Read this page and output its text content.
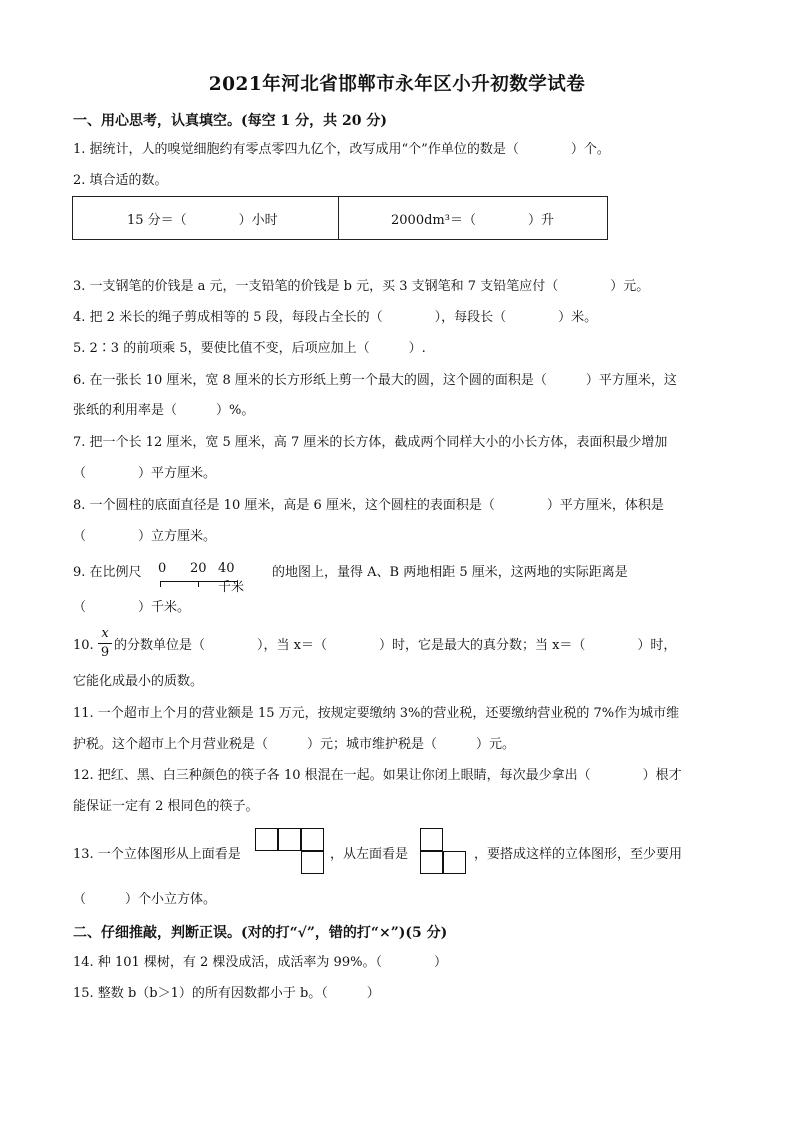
2021年河北省邯郸市永年区小升初数学试卷
一、用心思考，认真填空。(每空 1 分，共 20 分)
1. 据统计，人的嗅觉细胞约有零点零四九亿个，改写成用“个”作单位的数是（　　　　）个。
2. 填合适的数。
15 分＝（　　　　）小时	2000dm³＝（　　　　）升
3. 一支钢笔的价钱是 a 元，一支铅笔的价钱是 b 元，买 3 支钢笔和 7 支铅笔应付（　　　　）元。
4. 把 2 米长的绳子剪成相等的 5 段，每段占全长的（　　　　），每段长（　　　　）米。
5. 2∶3 的前项乘 5，要使比值不变，后项应加上（　　　）.
6. 在一张长 10 厘米，宽 8 厘米的长方形纸上剪一个最大的圆，这个圆的面积是（　　　）平方厘米，这
张纸的利用率是（　　　）%。
7. 把一个长 12 厘米，宽 5 厘米，高 7 厘米的长方体，截成两个同样大小的小长方体，表面积最少增加
（　　　　）平方厘米。
8. 一个圆柱的底面直径是 10 厘米，高是 6 厘米，这个圆柱的表面积是（　　　　）平方厘米，体积是
（　　　　）立方厘米。
9. 在比例尺 0 20 40千米
的地图上，量得 A、B 两地相距 5 厘米，这两地的实际距离是
（　　　　）千米。
10.
x
9 的分数单位是（　　　　），当 x＝（　　　　）时，它是最大的真分数；当 x＝（　　　　）时，
它能化成最小的质数。
11. 一个超市上个月的营业额是 15 万元，按规定要缴纳 3%的营业税，还要缴纳营业税的 7%作为城市维
护税。这个超市上个月营业税是（　　　）元；城市维护税是（　　　）元。
12. 把红、黑、白三种颜色的筷子各 10 根混在一起。如果让你闭上眼睛，每次最少拿出（　　　　）根才
能保证一定有 2 根同色的筷子。
13. 一个立体图形从上面看是	，从左面看是	，要搭成这样的立体图形，至少要用
（　　　）个小立方体。
二、仔细推敲，判断正误。(对的打“√”，错的打“×”)(5 分)
14. 种 101 棵树，有 2 棵没成活，成活率为 99%。（　　　　）
15. 整数 b（b＞1）的所有因数都小于 b。（　　　）
